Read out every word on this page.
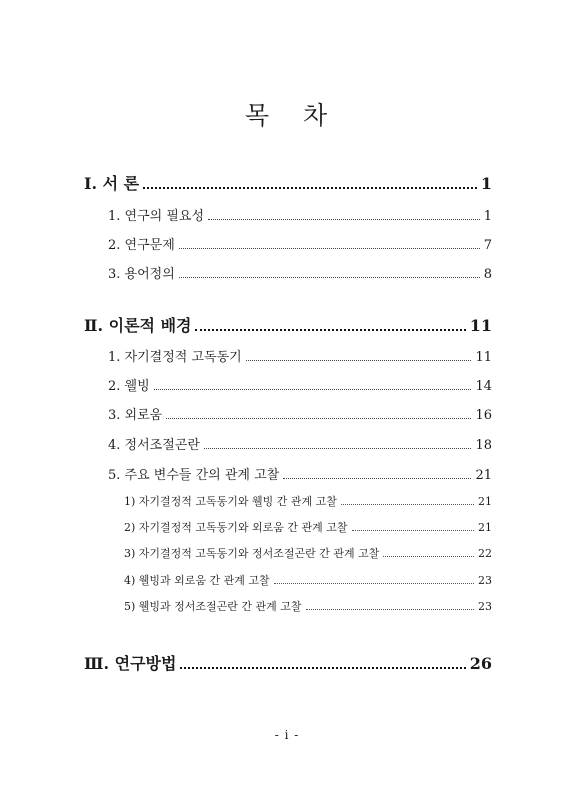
목 차
Ⅰ. 서 론	1
1. 연구의 필요성	1
2. 연구문제	7
3. 용어정의	8
Ⅱ. 이론적 배경	11
1. 자기결정적 고독동기	11
2. 웰빙	14
3. 외로움	16
4. 정서조절곤란	18
5. 주요 변수들 간의 관계 고찰	21
1) 자기결정적 고독동기와 웰빙 간 관계 고찰	21
2) 자기결정적 고독동기와 외로움 간 관계 고찰	21
3) 자기결정적 고독동기와 정서조절곤란 간 관계 고찰	22
4) 웰빙과 외로움 간 관계 고찰	23
5) 웰빙과 정서조절곤란 간 관계 고찰	23
Ⅲ. 연구방법	26
- i -
